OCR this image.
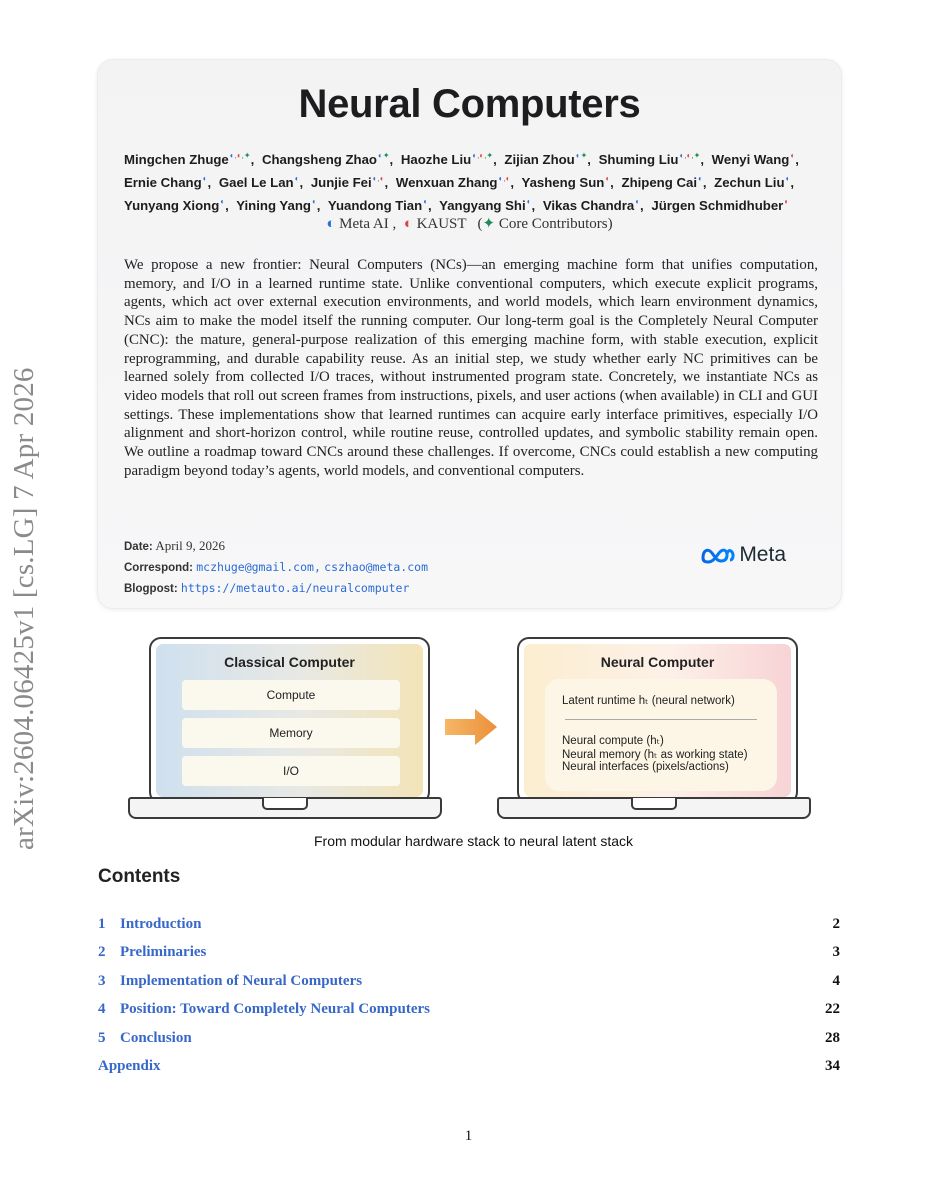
arXiv:2604.06425v1 [cs.LG] 7 Apr 2026
Neural Computers
Mingchen Zhuge◐,◐,✦, Changsheng Zhao◐✦, Haozhe Liu◐,◐,✦, Zijian Zhou◐✦, Shuming Liu◐,◐,✦, Wenyi Wang◐, Ernie Chang◐, Gael Le Lan◐, Junjie Fei◐,◐, Wenxuan Zhang◐,◐, Yasheng Sun◐, Zhipeng Cai◐, Zechun Liu◐, Yunyang Xiong◐, Yining Yang◐, Yuandong Tian◐, Yangyang Shi◐, Vikas Chandra◐, Jürgen Schmidhuber◐
◐ Meta AI , ◐ KAUST (✦ Core Contributors)

We propose a new frontier: Neural Computers (NCs)—an emerging machine form that unifies computation, memory, and I/O in a learned runtime state. Unlike conventional computers, which execute explicit programs, agents, which act over external execution environments, and world models, which learn environment dynamics, NCs aim to make the model itself the running computer. Our long-term goal is the Completely Neural Computer (CNC): the mature, general-purpose realization of this emerging machine form, with stable execution, explicit reprogramming, and durable capability reuse. As an initial step, we study whether early NC primitives can be learned solely from collected I/O traces, without instrumented program state. Concretely, we instantiate NCs as video models that roll out screen frames from instructions, pixels, and user actions (when available) in CLI and GUI settings. These implementations show that learned runtimes can acquire early interface primitives, especially I/O alignment and short-horizon control, while routine reuse, controlled updates, and symbolic stability remain open. We outline a roadmap toward CNCs around these challenges. If overcome, CNCs could establish a new computing paradigm beyond today’s agents, world models, and conventional computers.

Date: April 9, 2026
Correspond: mczhuge@gmail.com, cszhao@meta.com
Blogpost: https://metauto.ai/neuralcomputer
Meta
Classical Computer
Compute
Memory
I/O
Neural Computer
Latent runtime hₜ (neural network)
Neural compute (hₜ)
Neural memory (hₜ as working state)
Neural interfaces (pixels/actions)
From modular hardware stack to neural latent stack
Contents
1 Introduction	2
2 Preliminaries	3
3 Implementation of Neural Computers	4
4 Position: Toward Completely Neural Computers	22
5 Conclusion	28
Appendix	34
1
